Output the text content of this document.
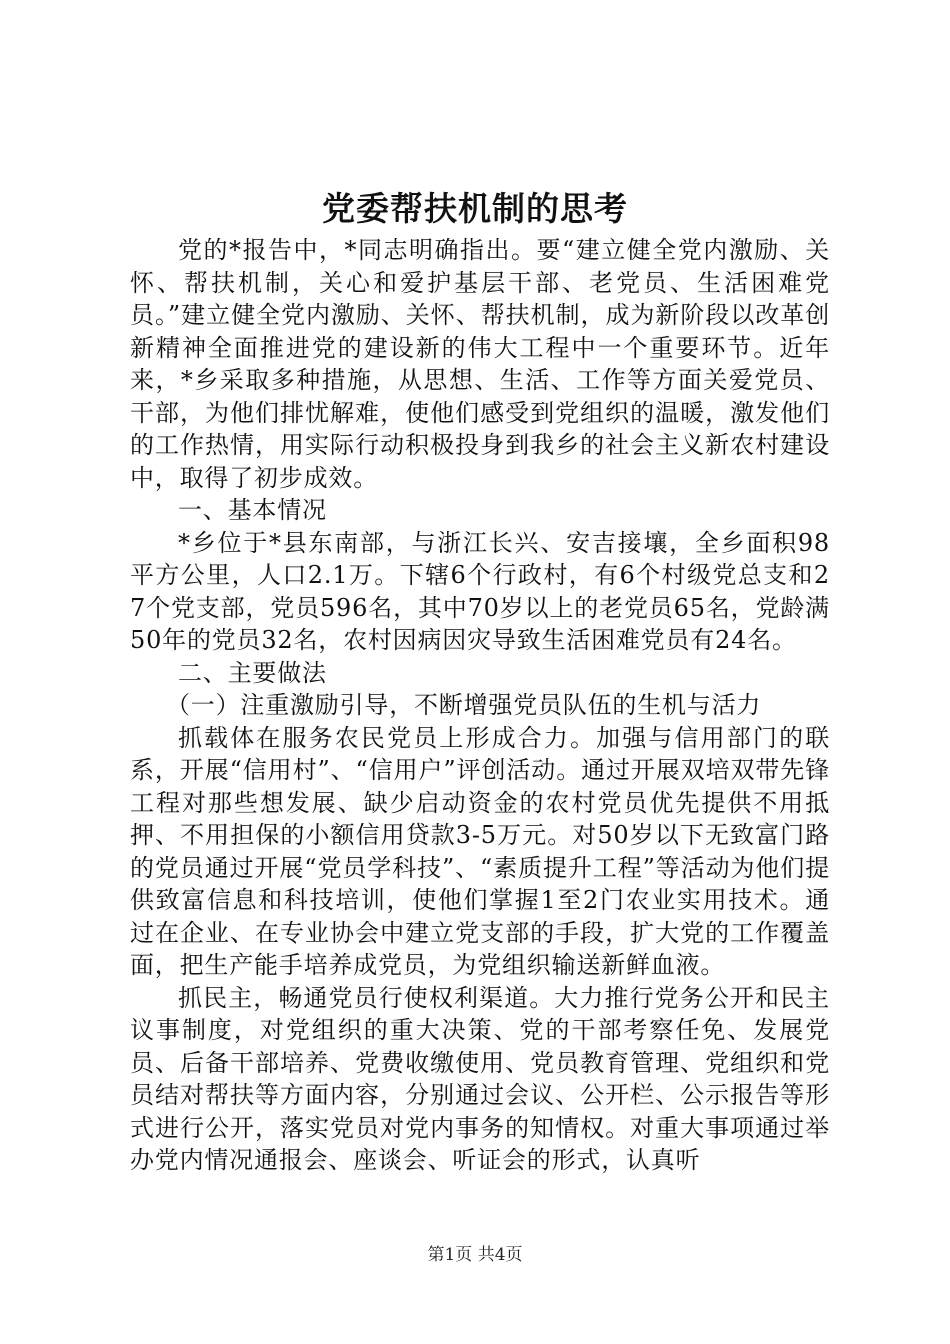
党委帮扶机制的思考

党的*报告中，*同志明确指出。要“建立健全党内激励、关怀、帮扶机制，关心和爱护基层干部、老党员、生活困难党员。”建立健全党内激励、关怀、帮扶机制，成为新阶段以改革创新精神全面推进党的建设新的伟大工程中一个重要环节。近年来，*乡采取多种措施，从思想、生活、工作等方面关爱党员、干部，为他们排忧解难，使他们感受到党组织的温暖，激发他们的工作热情，用实际行动积极投身到我乡的社会主义新农村建设中，取得了初步成效。

一、基本情况

*乡位于*县东南部，与浙江长兴、安吉接壤，全乡面积98平方公里，人口2.1万。下辖6个行政村，有6个村级党总支和27个党支部，党员596名，其中70岁以上的老党员65名，党龄满50年的党员32名，农村因病因灾导致生活困难党员有24名。

二、主要做法

（一）注重激励引导，不断增强党员队伍的生机与活力

抓载体在服务农民党员上形成合力。加强与信用部门的联系，开展“信用村”、“信用户”评创活动。通过开展双培双带先锋工程对那些想发展、缺少启动资金的农村党员优先提供不用抵押、不用担保的小额信用贷款3-5万元。对50岁以下无致富门路的党员通过开展“党员学科技”、“素质提升工程”等活动为他们提供致富信息和科技培训，使他们掌握1至2门农业实用技术。通过在企业、在专业协会中建立党支部的手段，扩大党的工作覆盖面，把生产能手培养成党员，为党组织输送新鲜血液。

抓民主，畅通党员行使权利渠道。大力推行党务公开和民主议事制度，对党组织的重大决策、党的干部考察任免、发展党员、后备干部培养、党费收缴使用、党员教育管理、党组织和党员结对帮扶等方面内容，分别通过会议、公开栏、公示报告等形式进行公开，落实党员对党内事务的知情权。对重大事项通过举办党内情况通报会、座谈会、听证会的形式，认真听

第1页 共4页
